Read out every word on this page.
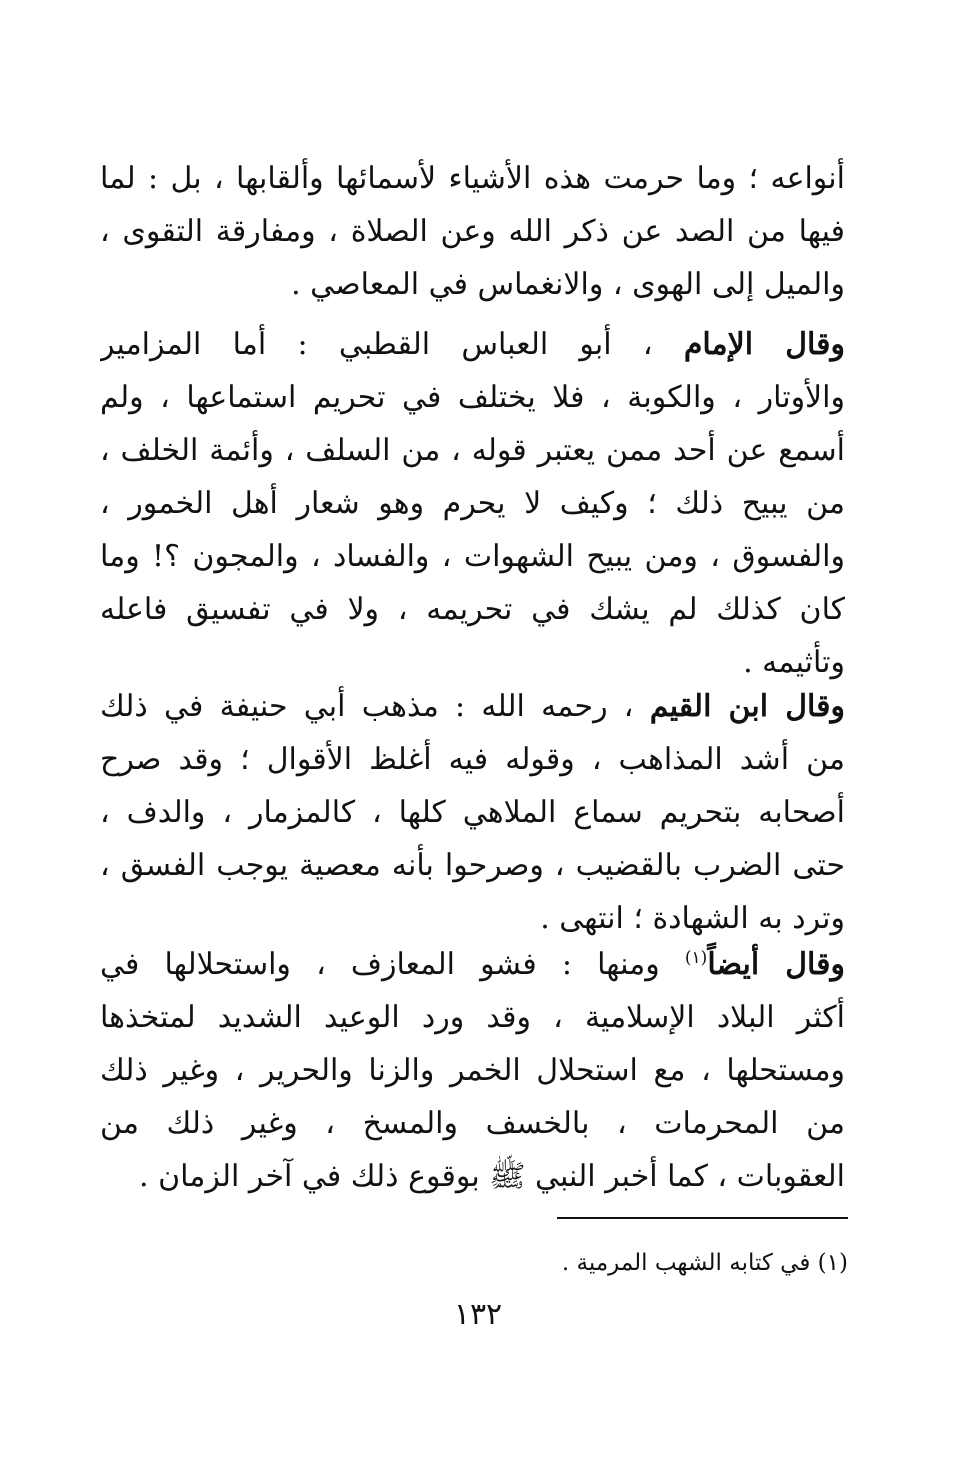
أنواعه ؛ وما حرمت هذه الأشياء لأسمائها وألقابها ، بل : لما
فيها من الصد عن ذكر الله وعن الصلاة ، ومفارقة التقوى ،
والميل إلى الهوى ، والانغماس في المعاصي .
وقال الإمام ، أبو العباس القطبي : أما المزامير
والأوتار ، والكوبة ، فلا يختلف في تحريم استماعها ، ولم
أسمع عن أحد ممن يعتبر قوله ، من السلف ، وأئمة الخلف ،
من يبيح ذلك ؛ وكيف لا يحرم وهو شعار أهل الخمور ،
والفسوق ، ومن يبيح الشهوات ، والفساد ، والمجون ؟! وما
كان كذلك لم يشك في تحريمه ، ولا في تفسيق فاعله
وتأثيمه .
وقال ابن القيم ، رحمه الله : مذهب أبي حنيفة في ذلك
من أشد المذاهب ، وقوله فيه أغلظ الأقوال ؛ وقد صرح
أصحابه بتحريم سماع الملاهي كلها ، كالمزمار ، والدف ،
حتى الضرب بالقضيب ، وصرحوا بأنه معصية يوجب الفسق ،
وترد به الشهادة ؛ انتهى .
وقال أيضاً$^{(١)}$ ومنها : فشو المعازف ، واستحلالها في
أكثر البلاد الإسلامية ، وقد ورد الوعيد الشديد لمتخذها
ومستحلها ، مع استحلال الخمر والزنا والحرير ، وغير ذلك
من المحرمات ، بالخسف والمسخ ، وغير ذلك من
العقوبات ، كما أخبر النبي ﷺ بوقوع ذلك في آخر الزمان .
(١) في كتابه الشهب المرمية .
١٣٢
